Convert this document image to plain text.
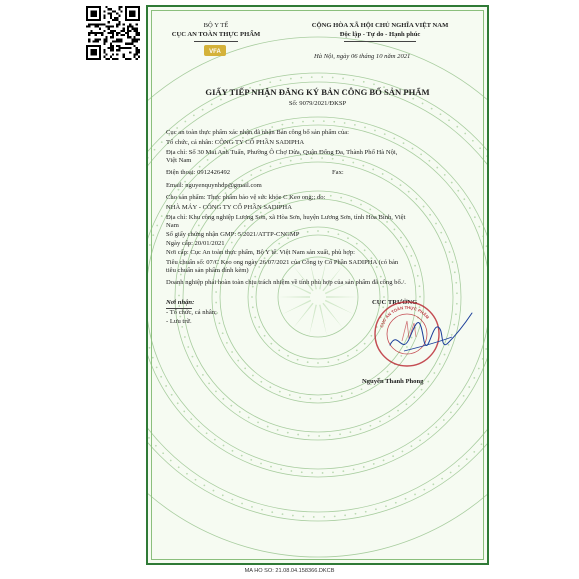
BỘ Y TẾ
CỤC AN TOÀN THỰC PHẨM
VFA
CỘNG HÒA XÃ HỘI CHỦ NGHĨA VIỆT NAM
Độc lập - Tự do - Hạnh phúc
Hà Nội, ngày 06 tháng 10 năm 2021
GIẤY TIẾP NHẬN ĐĂNG KÝ BẢN CÔNG BỐ SẢN PHẨM
Số: 9079/2021/ĐKSP
Cục an toàn thực phẩm xác nhận đã nhận Bản công bố sản phẩm của:
Tổ chức, cá nhân: CÔNG TY CỔ PHẦN SADIPHA
Địa chỉ: Số 30 Mai Anh Tuấn, Phường Ô Chợ Dừa, Quận Đống Đa, Thành Phố Hà Nội,
Việt Nam
Điện thoại: 0912426492	Fax:
Email: nguyenquynhdp@gmail.com
Cho sản phẩm: Thực phẩm bảo vệ sức khỏe C Keo ong;; do:
NHÀ MÁY - CÔNG TY CỔ PHẦN SADIPHA
Địa chỉ: Khu công nghiệp Lương Sơn, xã Hòa Sơn, huyện Lương Sơn, tỉnh Hòa Bình, Việt
Nam
Số giấy chứng nhận GMP: 5/2021/ATTP-CNGMP
Ngày cấp: 20/01/2021
Nơi cấp: Cục An toàn thực phẩm, Bộ Y tế. Việt Nam sản xuất, phù hợp:
Tiêu chuẩn số: 07/C Keo ong ngày 26/07/2021 của Công ty Cổ Phần SADIPHA (có bản
tiêu chuẩn sản phẩm đính kèm)
Doanh nghiệp phải hoàn toàn chịu trách nhiệm về tính phù hợp của sản phẩm đã công bố./.
Nơi nhận:
- Tổ chức, cá nhân;
- Lưu trữ.
CỤC TRƯỞNG
CỤC AN TOÀN THỰC PHẨM
Nguyễn Thanh Phong
MA HO SO: 21.08.04.158366.DKCB
